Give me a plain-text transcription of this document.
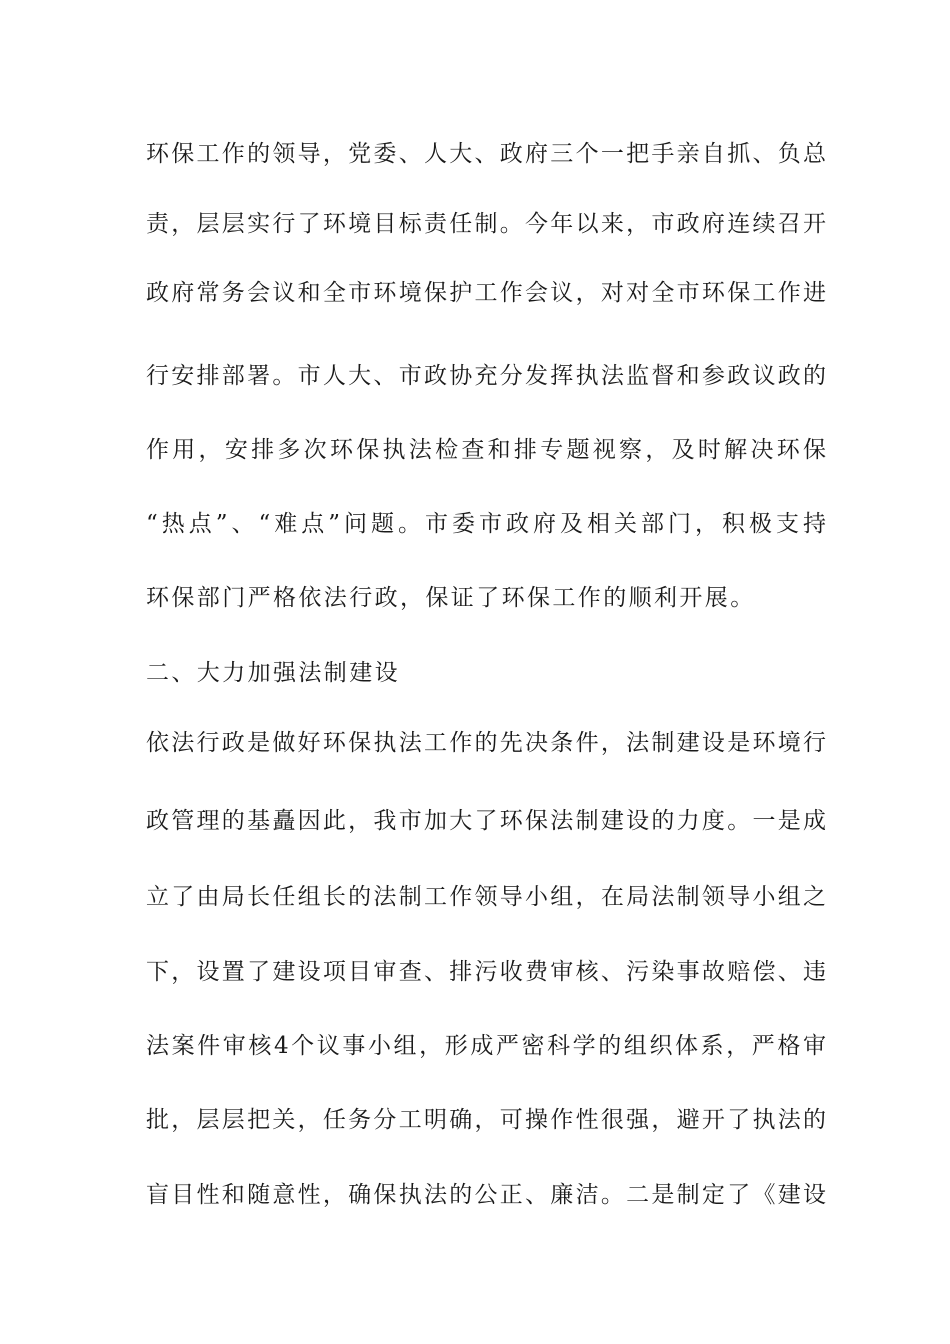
环保工作的领导，党委、人大、政府三个一把手亲自抓、负总
责，层层实行了环境目标责任制。今年以来，市政府连续召开
政府常务会议和全市环境保护工作会议，对对全市环保工作进
行安排部署。市人大、市政协充分发挥执法监督和参政议政的
作用，安排多次环保执法检查和排专题视察，及时解决环保
“热点”、“难点”问题。市委市政府及相关部门，积极支持
环保部门严格依法行政，保证了环保工作的顺利开展。
二、大力加强法制建设
依法行政是做好环保执法工作的先决条件，法制建设是环境行
政管理的基矗因此，我市加大了环保法制建设的力度。一是成
立了由局长任组长的法制工作领导小组，在局法制领导小组之
下，设置了建设项目审查、排污收费审核、污染事故赔偿、违
法案件审核4个议事小组，形成严密科学的组织体系，严格审
批，层层把关，任务分工明确，可操作性很强，避开了执法的
盲目性和随意性，确保执法的公正、廉洁。二是制定了《建设
